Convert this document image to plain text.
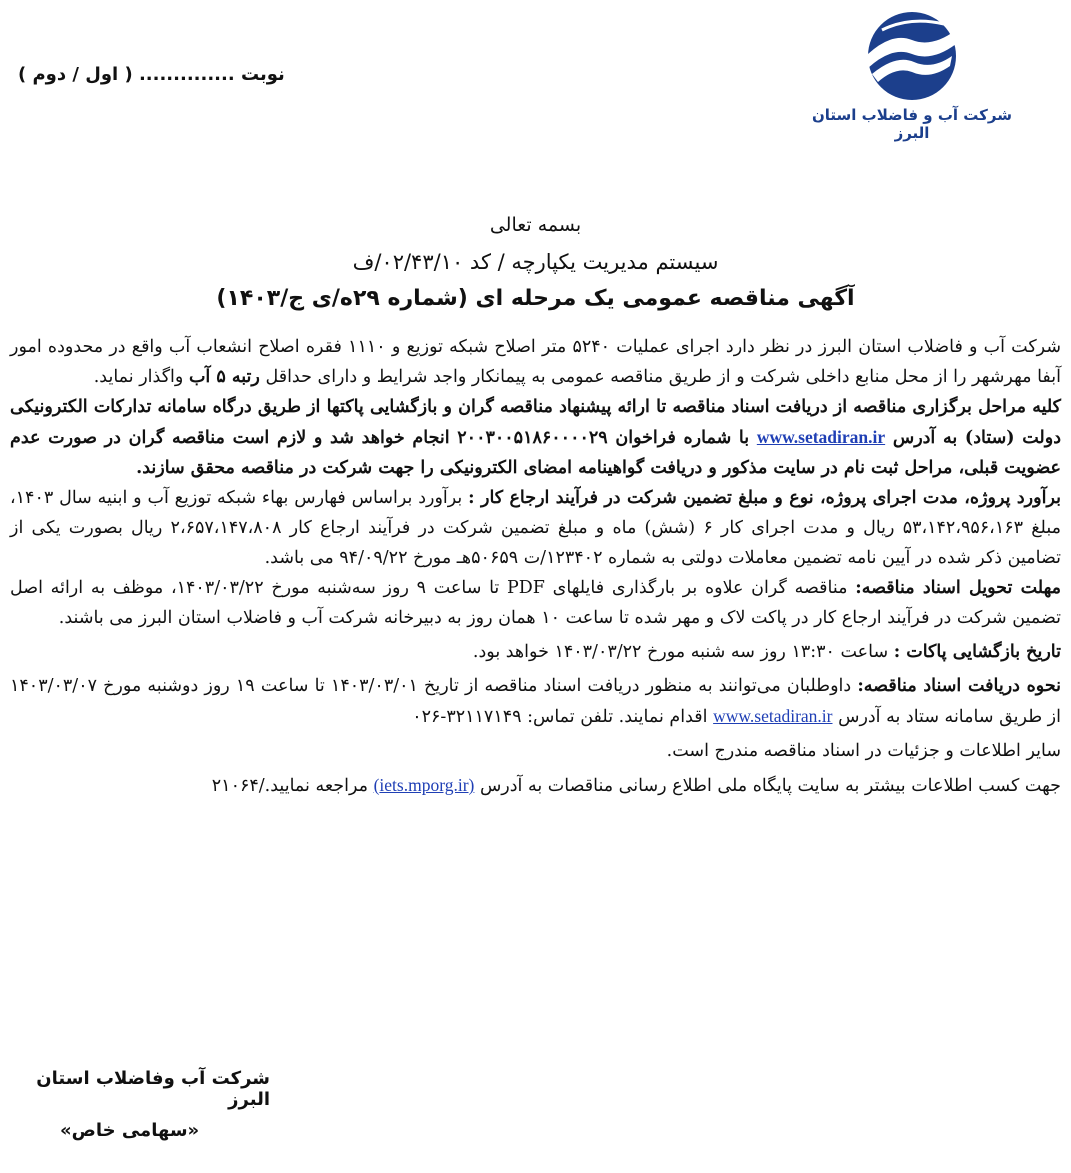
شرکت آب و فاضلاب استان البرز
نوبت .............. ( اول / دوم )
بسمه تعالی
سیستم مدیریت یکپارچه / کد ۰۲/۴۳/۱۰/ف
آگهی مناقصه عمومی یک مرحله ای (شماره ۲۹ه/ی ج/۱۴۰۳)

شرکت آب و فاضلاب استان البرز در نظر دارد اجرای عملیات ۵۲۴۰ متر اصلاح شبکه توزیع و ۱۱۱۰ فقره اصلاح انشعاب آب واقع در محدوده امور آبفا مهرشهر را از محل منابع داخلی شرکت و از طریق مناقصه عمومی به پیمانکار واجد شرایط و دارای حداقل رتبه ۵ آب واگذار نماید.

کلیه مراحل برگزاری مناقصه از دریافت اسناد مناقصه تا ارائه پیشنهاد مناقصه گران و بازگشایی پاکتها از طریق درگاه سامانه تدارکات الکترونیکی دولت (ستاد) به آدرس www.setadiran.ir با شماره فراخوان ۲۰۰۳۰۰۵۱۸۶۰۰۰۰۲۹ انجام خواهد شد و لازم است مناقصه گران در صورت عدم عضویت قبلی، مراحل ثبت نام در سایت مذکور و دریافت گواهینامه امضای الکترونیکی را جهت شرکت در مناقصه محقق سازند.

برآورد پروژه، مدت اجرای پروژه، نوع و مبلغ تضمین شرکت در فرآیند ارجاع کار : برآورد براساس فهارس بهاء شبکه توزیع آب و ابنیه سال ۱۴۰۳، مبلغ ۵۳،۱۴۲،۹۵۶،۱۶۳ ریال و مدت اجرای کار ۶ (شش) ماه و مبلغ تضمین شرکت در فرآیند ارجاع کار ۲،۶۵۷،۱۴۷،۸۰۸ ریال بصورت یکی از تضامین ذکر شده در آیین نامه تضمین معاملات دولتی به شماره ۱۲۳۴۰۲/ت ۵۰۶۵۹هـ مورخ ۹۴/۰۹/۲۲ می باشد.

مهلت تحویل اسناد مناقصه: مناقصه گران علاوه بر بارگذاری فایلهای PDF تا ساعت ۹ روز سه‌شنبه مورخ ۱۴۰۳/۰۳/۲۲، موظف به ارائه اصل تضمین شرکت در فرآیند ارجاع کار در پاکت لاک و مهر شده تا ساعت ۱۰ همان روز به دبیرخانه شرکت آب و فاضلاب استان البرز می باشند.

تاریخ بازگشایی پاکات : ساعت ۱۳:۳۰ روز سه شنبه مورخ ۱۴۰۳/۰۳/۲۲ خواهد بود.

نحوه دریافت اسناد مناقصه: داوطلبان می‌توانند به منظور دریافت اسناد مناقصه از تاریخ ۱۴۰۳/۰۳/۰۱ تا ساعت ۱۹ روز دوشنبه مورخ ۱۴۰۳/۰۳/۰۷ از طریق سامانه ستاد به آدرس www.setadiran.ir اقدام نمایند. تلفن تماس: ۳۲۱۱۷۱۴۹-۰۲۶

سایر اطلاعات و جزئیات در اسناد مناقصه مندرج است.

جهت کسب اطلاعات بیشتر به سایت پایگاه ملی اطلاع رسانی مناقصات به آدرس (iets.mporg.ir) مراجعه نمایید./۲۱۰۶۴

شرکت آب وفاضلاب استان البرز
«سهامی خاص»
